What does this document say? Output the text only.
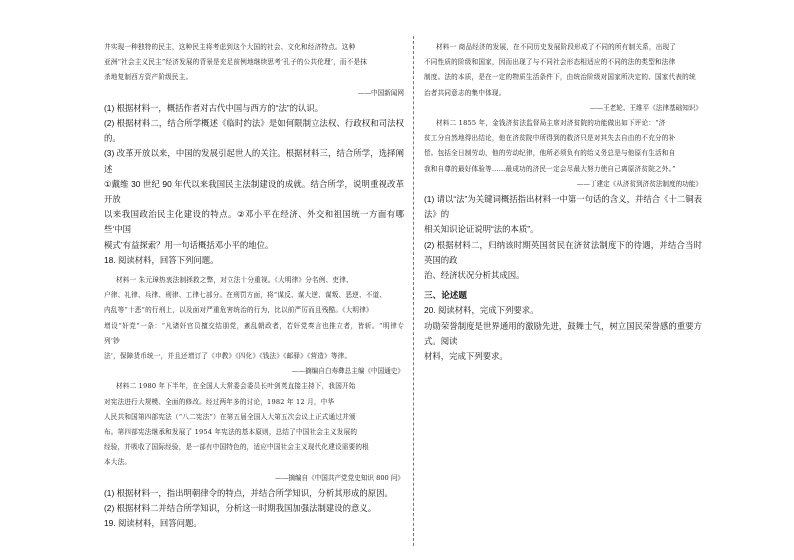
井实现一种独特的民主，这种民主将考虑到这个大国的社会、文化和经济特点。这种

亚洲“社会主义民主”经济发展的背景是充足前例地继续思考‘孔子的公共伦理’，而不是抹

杀地复制西方资产阶级民主。

——中国新闻网

(1) 根据材料一，概括作者对古代中国与西方的“法”的认识。

(2) 根据材料二，结合所学概述《临时约法》是如何限制立法权、行政权和司法权的。

(3) 改革开放以来，中国的发展引起世人的关注。根据材料三，结合所学，选择阐述

①戴维 30 世纪 90 年代以来我国民主法制建设的成就。结合所学，说明重视改革开放

以来我国政治民主化建设的特点。②邓小平在经济、外交和祖国统一方面有哪些‘中国

模式’有益探索？用一句话概括邓小平的地位。

18. 阅读材料，回答下列问题。

材料一 朱元璋热衷法制拯救之弊，对立法十分重视。《大明律》分名例、吏律、

户律、礼律、兵律、刑律、工律七部分。在刑罚方面，将“谋反、谋大逆、谋叛、恶逆、不道、

内乱等“十恶”的行刑上，以及面对严重危害统治的行为，比以前严厉而且残酷。《大明律》

增设“奸党”一条：“凡诸奸官员擅交结朋党，紊乱朝政者，若奸党奏言也推立者，皆斩。“明律专列‘钞

法’，保障货币统一，并且还增订了《申教》《四化》《钱法》《邮驿》《营造》等律。

——摘编自白寿彝总主编《中国通史》

材料二 1980 年下半年，在全国人大常委会委员长叶剑英直接主持下，我国开始

对宪法进行大规模、全面的修改。经过两年多的讨论，1982 年 12 月，中华

人民共和国第四部宪法（“八二宪法”）在第五届全国人大第五次会议上正式通过并颁

布。第四部宪法继承和发展了 1954 年宪法的基本原则，总结了中国社会主义发展的

经验，并吸收了国际经验，是一部有中国特色的，适应中国社会主义现代化建设需要的根

本大法。

——摘编自《中国共产党党史知识 800 问》

(1) 根据材料一，指出明朝律令的特点，并结合所学知识，分析其形成的原因。

(2) 根据材料二并结合所学知识，分析这一时期我国加强法制建设的意义。

19. 阅读材料，回答问题。

材料一 商品经济的发展，在不同历史发展阶段形成了不同的所有制关系，出现了

不同性质的阶级和国家，因而出现了与不同社会形态相适应的不同的法的类型和法律

制度。法的本质，是在一定的物质生活条件下，由统治阶级对国家所决定的、国家代表的统

治者共同意志的集中体现。

——王老轮、王维平《法律基础知识》

材料二 1855 年，金钱济贫法监督局主席对济贫院的功能做出如下评论：“济

贫工分自然地得出结论，他在济贫院中所得到的救济只是对其失去自由的不充分的补

偿。包括全日制劳动，他的劳动纪律，他所必须负有的给义务总是与他原有生活和自

我和自尊的最好体验等……最成功的济民一定会尽最大努力使自己离原济贫院之外。”

——丁建定《从济贫到济贫法制度的功能》

(1) 请以“法”为关键词概括指出材料一中第一句话的含义，并结合《十二铜表法》的

相关知识论证说明“法的本质”。

(2) 根据材料二，归纳该时期英国贫民在济贫法制度下的待遇，并结合当时英国的政

治、经济状况分析其成因。

三、论述题

20. 阅读材料，完成下列要求。

功勋荣誉制度是世界通用的激励先进，鼓舞士气，树立国民荣誉感的重要方式。阅读

材料，完成下列要求。
